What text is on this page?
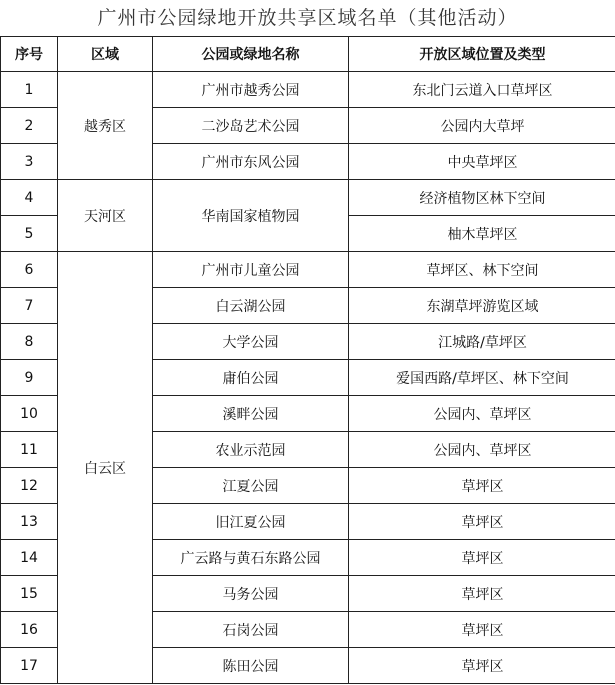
广州市公园绿地开放共享区域名单（其他活动）
序号	区域	公园或绿地名称	开放区域位置及类型
1	越秀区	广州市越秀公园	东北门云道入口草坪区
2		二沙岛艺术公园	公园内大草坪
3		广州市东风公园	中央草坪区
4	天河区	华南国家植物园	经济植物区林下空间
5			柚木草坪区
6	白云区	广州市儿童公园	草坪区、林下空间
7		白云湖公园	东湖草坪游览区域
8		大学公园	江城路/草坪区
9		庸伯公园	爱国西路/草坪区、林下空间
10		溪畔公园	公园内、草坪区
11		农业示范园	公园内、草坪区
12		江夏公园	草坪区
13		旧江夏公园	草坪区
14		广云路与黄石东路公园	草坪区
15		马务公园	草坪区
16		石岗公园	草坪区
17		陈田公园	草坪区
